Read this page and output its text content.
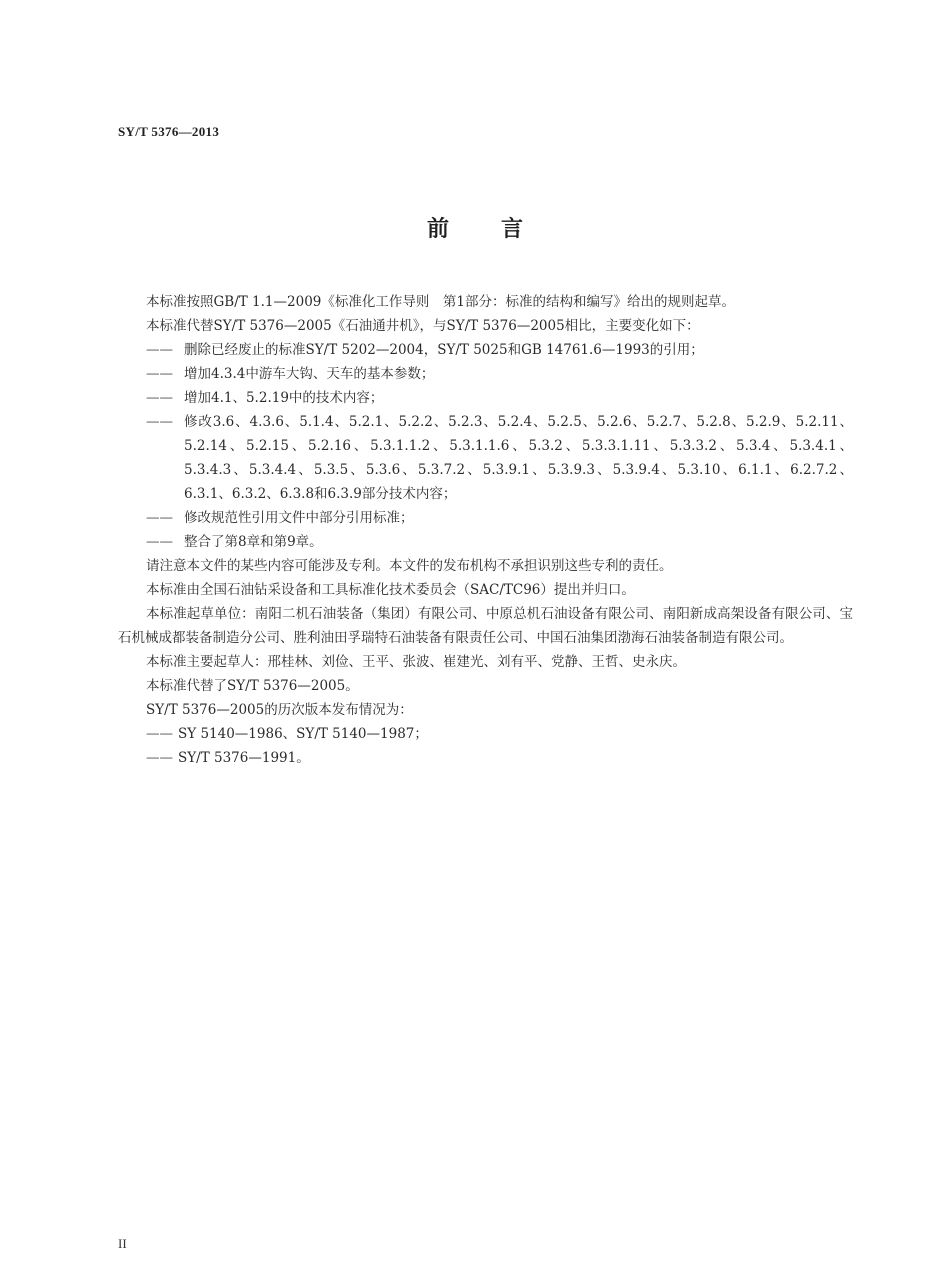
SY/T 5376—2013
前言

本标准按照GB/T 1.1—2009《标准化工作导则　第1部分：标准的结构和编写》给出的规则起草。

本标准代替SY/T 5376—2005《石油通井机》，与SY/T 5376—2005相比，主要变化如下：

—— 删除已经废止的标准SY/T 5202—2004，SY/T 5025和GB 14761.6—1993的引用；
—— 增加4.3.4中游车大钩、天车的基本参数；
—— 增加4.1、5.2.19中的技术内容；
—— 修改3.6、4.3.6、5.1.4、5.2.1、5.2.2、5.2.3、5.2.4、5.2.5、5.2.6、5.2.7、5.2.8、5.2.9、5.2.11、5.2.14、5.2.15、5.2.16、5.3.1.1.2、5.3.1.1.6、5.3.2、5.3.3.1.11、5.3.3.2、5.3.4、5.3.4.1、5.3.4.3、5.3.4.4、5.3.5、5.3.6、5.3.7.2、5.3.9.1、5.3.9.3、5.3.9.4、5.3.10、6.1.1、6.2.7.2、6.3.1、6.3.2、6.3.8和6.3.9部分技术内容；
—— 修改规范性引用文件中部分引用标准；
—— 整合了第8章和第9章。

请注意本文件的某些内容可能涉及专利。本文件的发布机构不承担识别这些专利的责任。

本标准由全国石油钻采设备和工具标准化技术委员会（SAC/TC96）提出并归口。

本标准起草单位：南阳二机石油装备（集团）有限公司、中原总机石油设备有限公司、南阳新成高架设备有限公司、宝石机械成都装备制造分公司、胜利油田孚瑞特石油装备有限责任公司、中国石油集团渤海石油装备制造有限公司。

本标准主要起草人：邢桂林、刘俭、王平、张波、崔建光、刘有平、党静、王哲、史永庆。

本标准代替了SY/T 5376—2005。

SY/T 5376—2005的历次版本发布情况为：

—— SY 5140—1986、SY/T 5140—1987；
—— SY/T 5376—1991。
II
